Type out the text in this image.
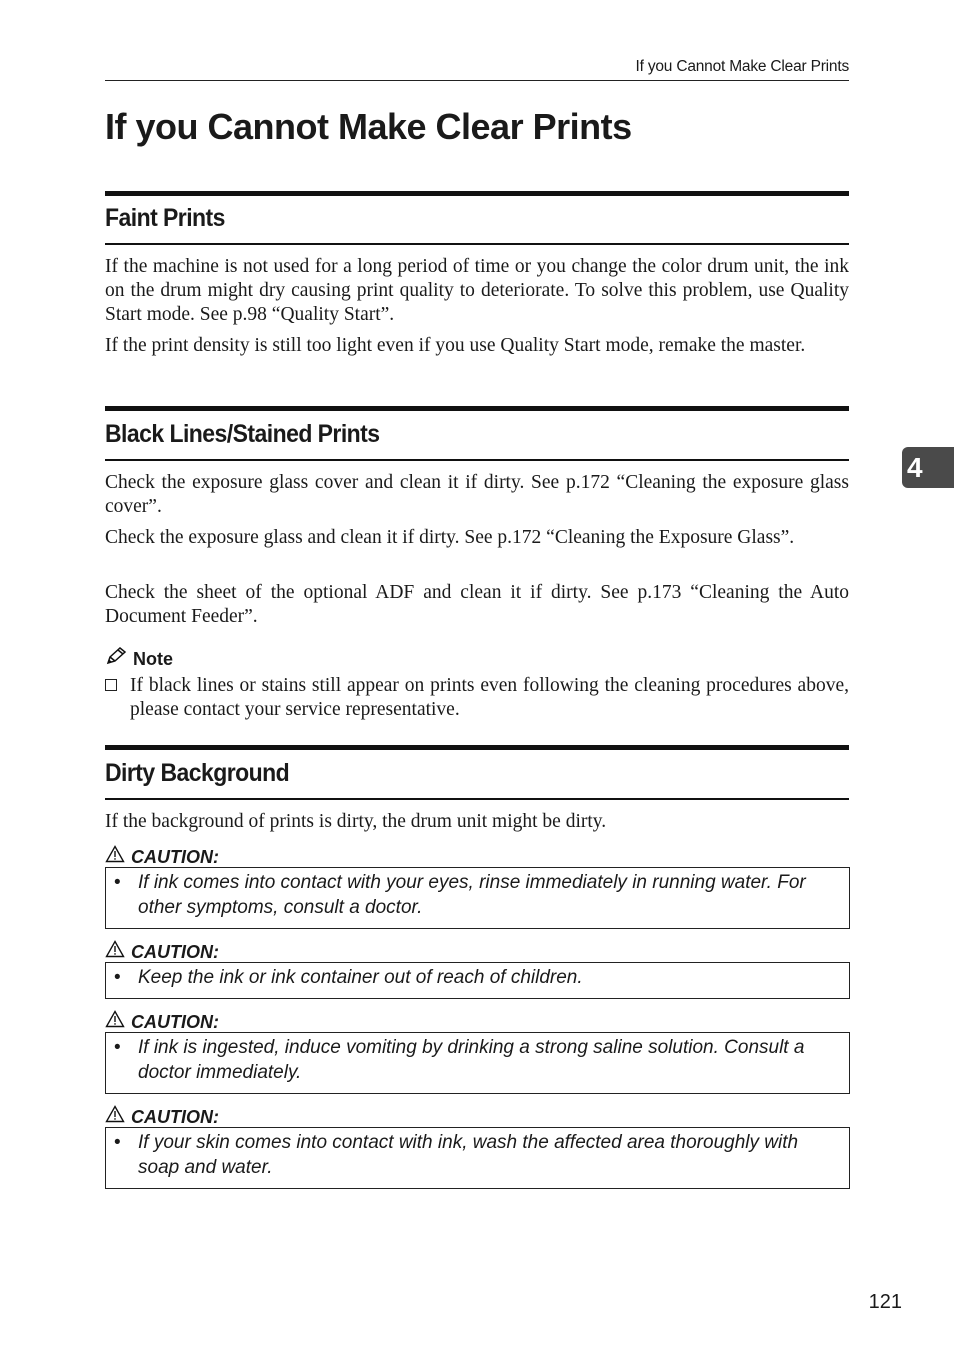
If you Cannot Make Clear Prints
If you Cannot Make Clear Prints
Faint Prints

If the machine is not used for a long period of time or you change the color drum unit, the ink on the drum might dry causing print quality to deteriorate. To solve this problem, use Quality Start mode. See p.98 “Quality Start”.

If the print density is still too light even if you use Quality Start mode, remake the master.

Black Lines/Stained Prints

Check the exposure glass cover and clean it if dirty. See p.172 “Cleaning the exposure glass cover”.

Check the exposure glass and clean it if dirty. See p.172 “Cleaning the Exposure Glass”.

Check the sheet of the optional ADF and clean it if dirty. See p.173 “Cleaning the Auto Document Feeder”.

Note
If black lines or stains still appear on prints even following the cleaning procedures above, please contact your service representative.
Dirty Background

If the background of prints is dirty, the drum unit might be dirty.

CAUTION:
• If ink comes into contact with your eyes, rinse immediately in running water. For other symptoms, consult a doctor.
CAUTION:
• Keep the ink or ink container out of reach of children.
CAUTION:
• If ink is ingested, induce vomiting by drinking a strong saline solution. Consult a doctor immediately.
CAUTION:
• If your skin comes into contact with ink, wash the affected area thoroughly with soap and water.
4
121
